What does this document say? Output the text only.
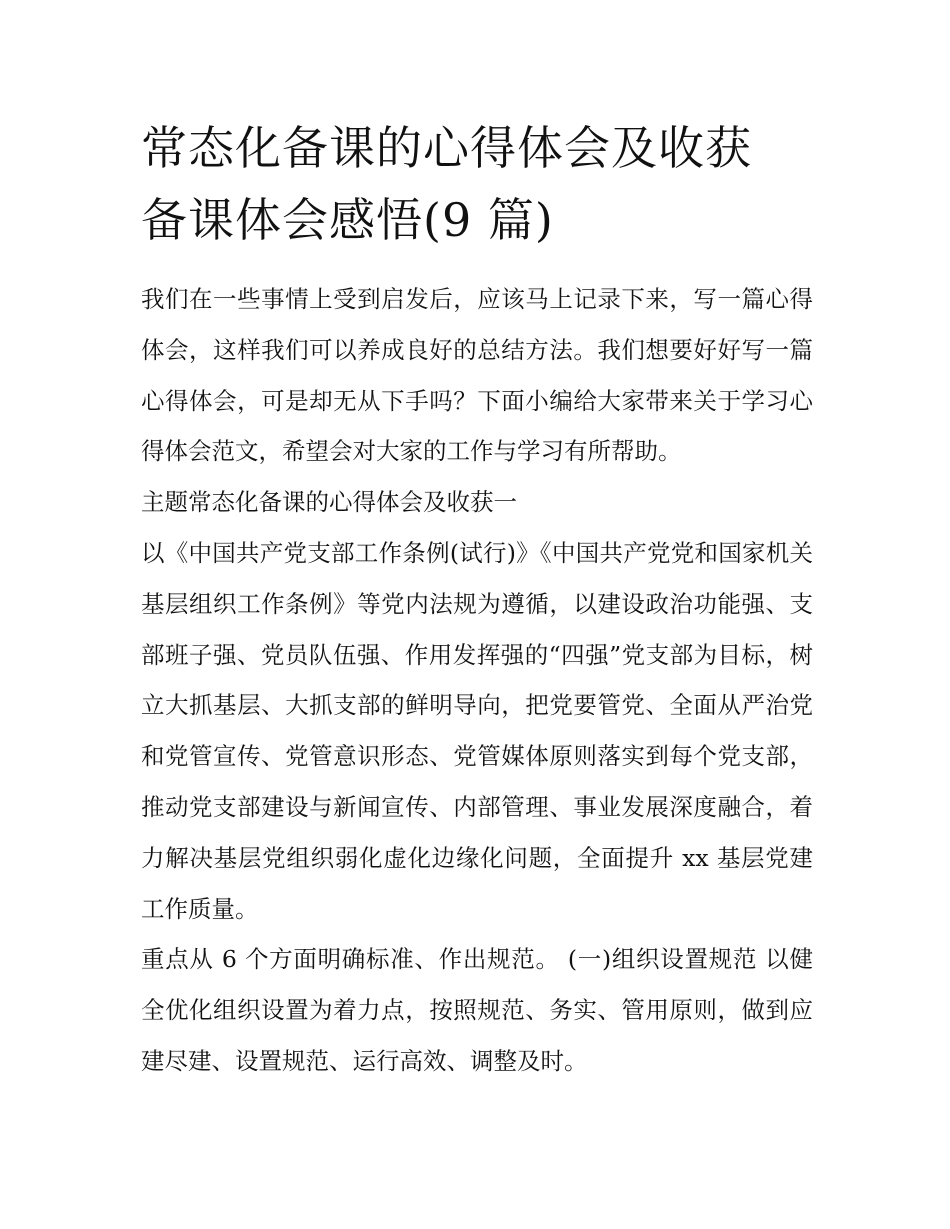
常态化备课的心得体会及收获
备课体会感悟(9 篇)

我们在一些事情上受到启发后，应该马上记录下来，写一篇心得体会，这样我们可以养成良好的总结方法。我们想要好好写一篇心得体会，可是却无从下手吗？下面小编给大家带来关于学习心得体会范文，希望会对大家的工作与学习有所帮助。

主题常态化备课的心得体会及收获一

以《中国共产党支部工作条例(试行)》《中国共产党党和国家机关基层组织工作条例》等党内法规为遵循，以建设政治功能强、支部班子强、党员队伍强、作用发挥强的“四强”党支部为目标，树立大抓基层、大抓支部的鲜明导向，把党要管党、全面从严治党和党管宣传、党管意识形态、党管媒体原则落实到每个党支部，推动党支部建设与新闻宣传、内部管理、事业发展深度融合，着力解决基层党组织弱化虚化边缘化问题，全面提升 xx 基层党建工作质量。

重点从 6 个方面明确标准、作出规范。 (一)组织设置规范 以健全优化组织设置为着力点，按照规范、务实、管用原则，做到应建尽建、设置规范、运行高效、调整及时。
